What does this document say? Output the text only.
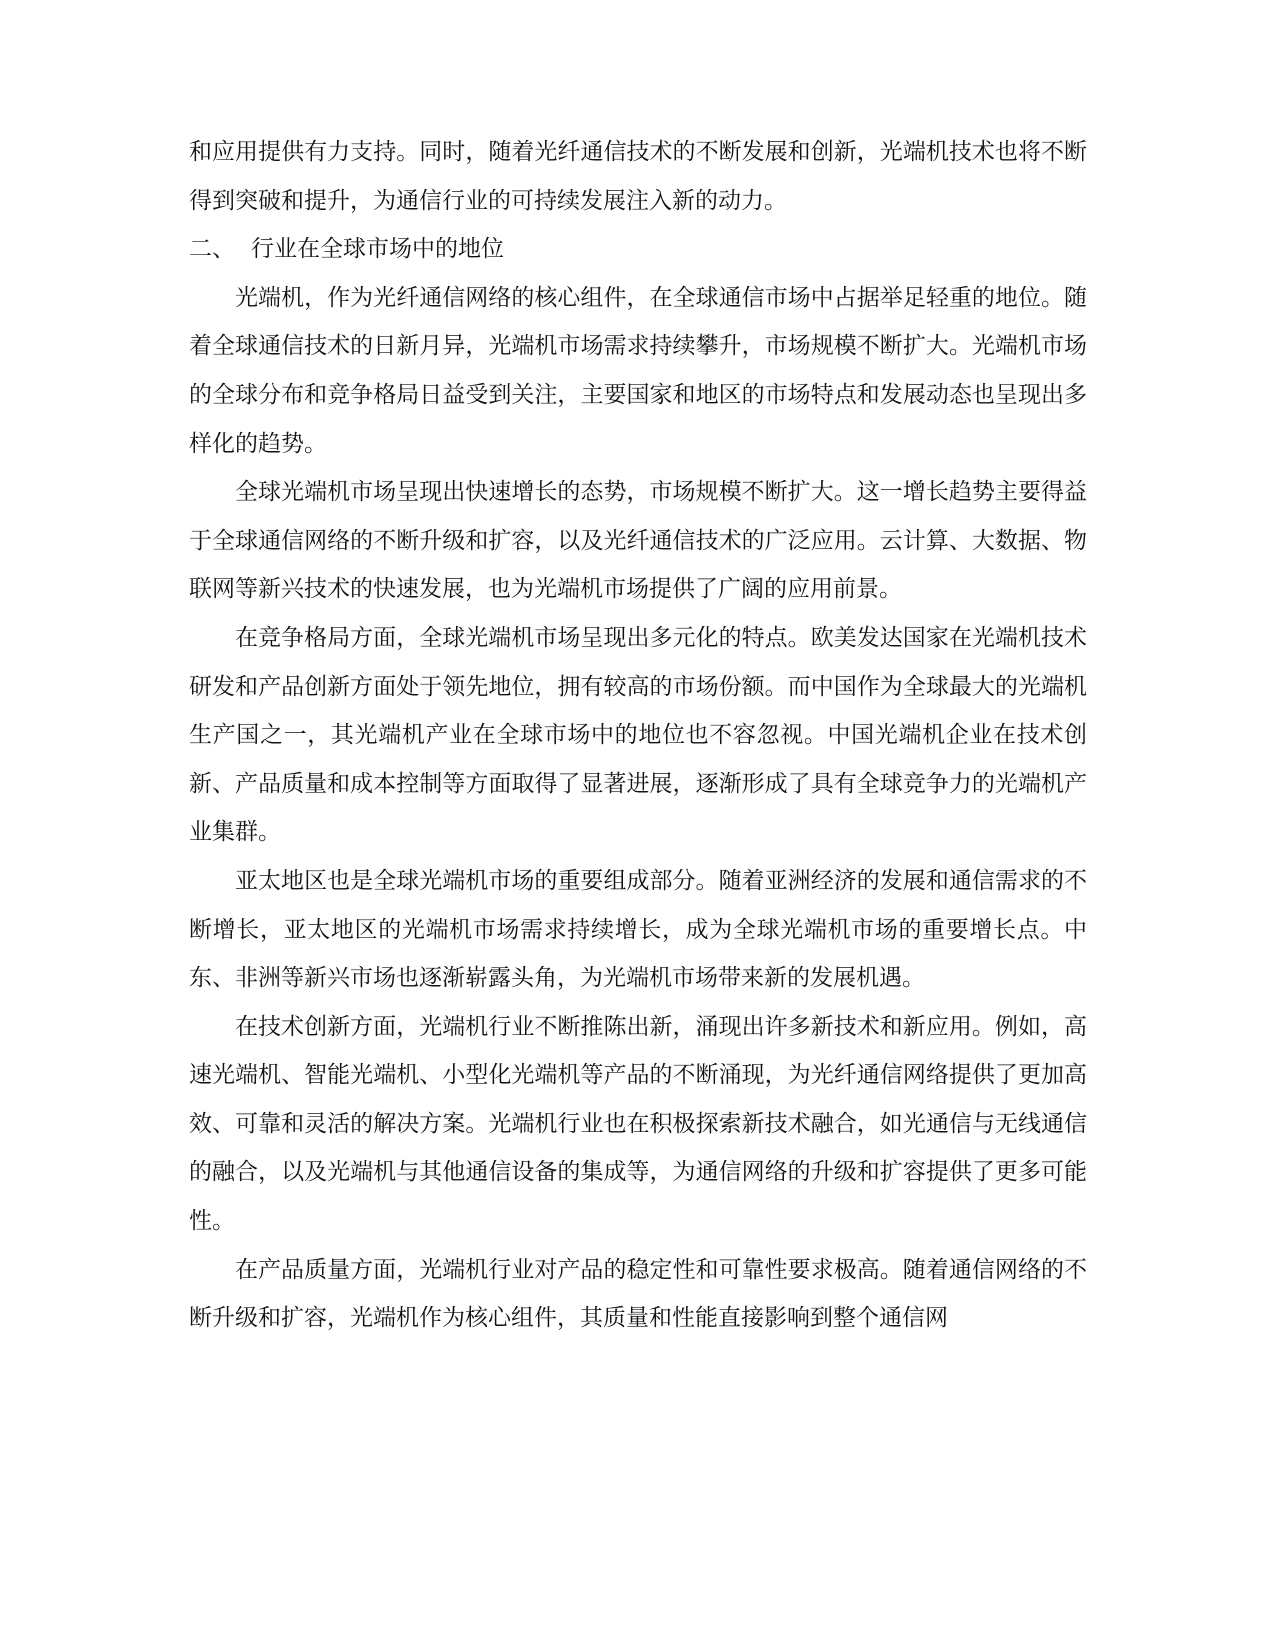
和应用提供有力支持。同时，随着光纤通信技术的不断发展和创新，光端机技术也将不断得到突破和提升，为通信行业的可持续发展注入新的动力。

二、 行业在全球市场中的地位

光端机，作为光纤通信网络的核心组件，在全球通信市场中占据举足轻重的地位。随着全球通信技术的日新月异，光端机市场需求持续攀升，市场规模不断扩大。光端机市场的全球分布和竞争格局日益受到关注，主要国家和地区的市场特点和发展动态也呈现出多样化的趋势。

全球光端机市场呈现出快速增长的态势，市场规模不断扩大。这一增长趋势主要得益于全球通信网络的不断升级和扩容，以及光纤通信技术的广泛应用。云计算、大数据、物联网等新兴技术的快速发展，也为光端机市场提供了广阔的应用前景。

在竞争格局方面，全球光端机市场呈现出多元化的特点。欧美发达国家在光端机技术研发和产品创新方面处于领先地位，拥有较高的市场份额。而中国作为全球最大的光端机生产国之一，其光端机产业在全球市场中的地位也不容忽视。中国光端机企业在技术创新、产品质量和成本控制等方面取得了显著进展，逐渐形成了具有全球竞争力的光端机产业集群。

亚太地区也是全球光端机市场的重要组成部分。随着亚洲经济的发展和通信需求的不断增长，亚太地区的光端机市场需求持续增长，成为全球光端机市场的重要增长点。中东、非洲等新兴市场也逐渐崭露头角，为光端机市场带来新的发展机遇。

在技术创新方面，光端机行业不断推陈出新，涌现出许多新技术和新应用。例如，高速光端机、智能光端机、小型化光端机等产品的不断涌现，为光纤通信网络提供了更加高效、可靠和灵活的解决方案。光端机行业也在积极探索新技术融合，如光通信与无线通信的融合，以及光端机与其他通信设备的集成等，为通信网络的升级和扩容提供了更多可能性。

在产品质量方面，光端机行业对产品的稳定性和可靠性要求极高。随着通信网络的不断升级和扩容，光端机作为核心组件，其质量和性能直接影响到整个通信网
